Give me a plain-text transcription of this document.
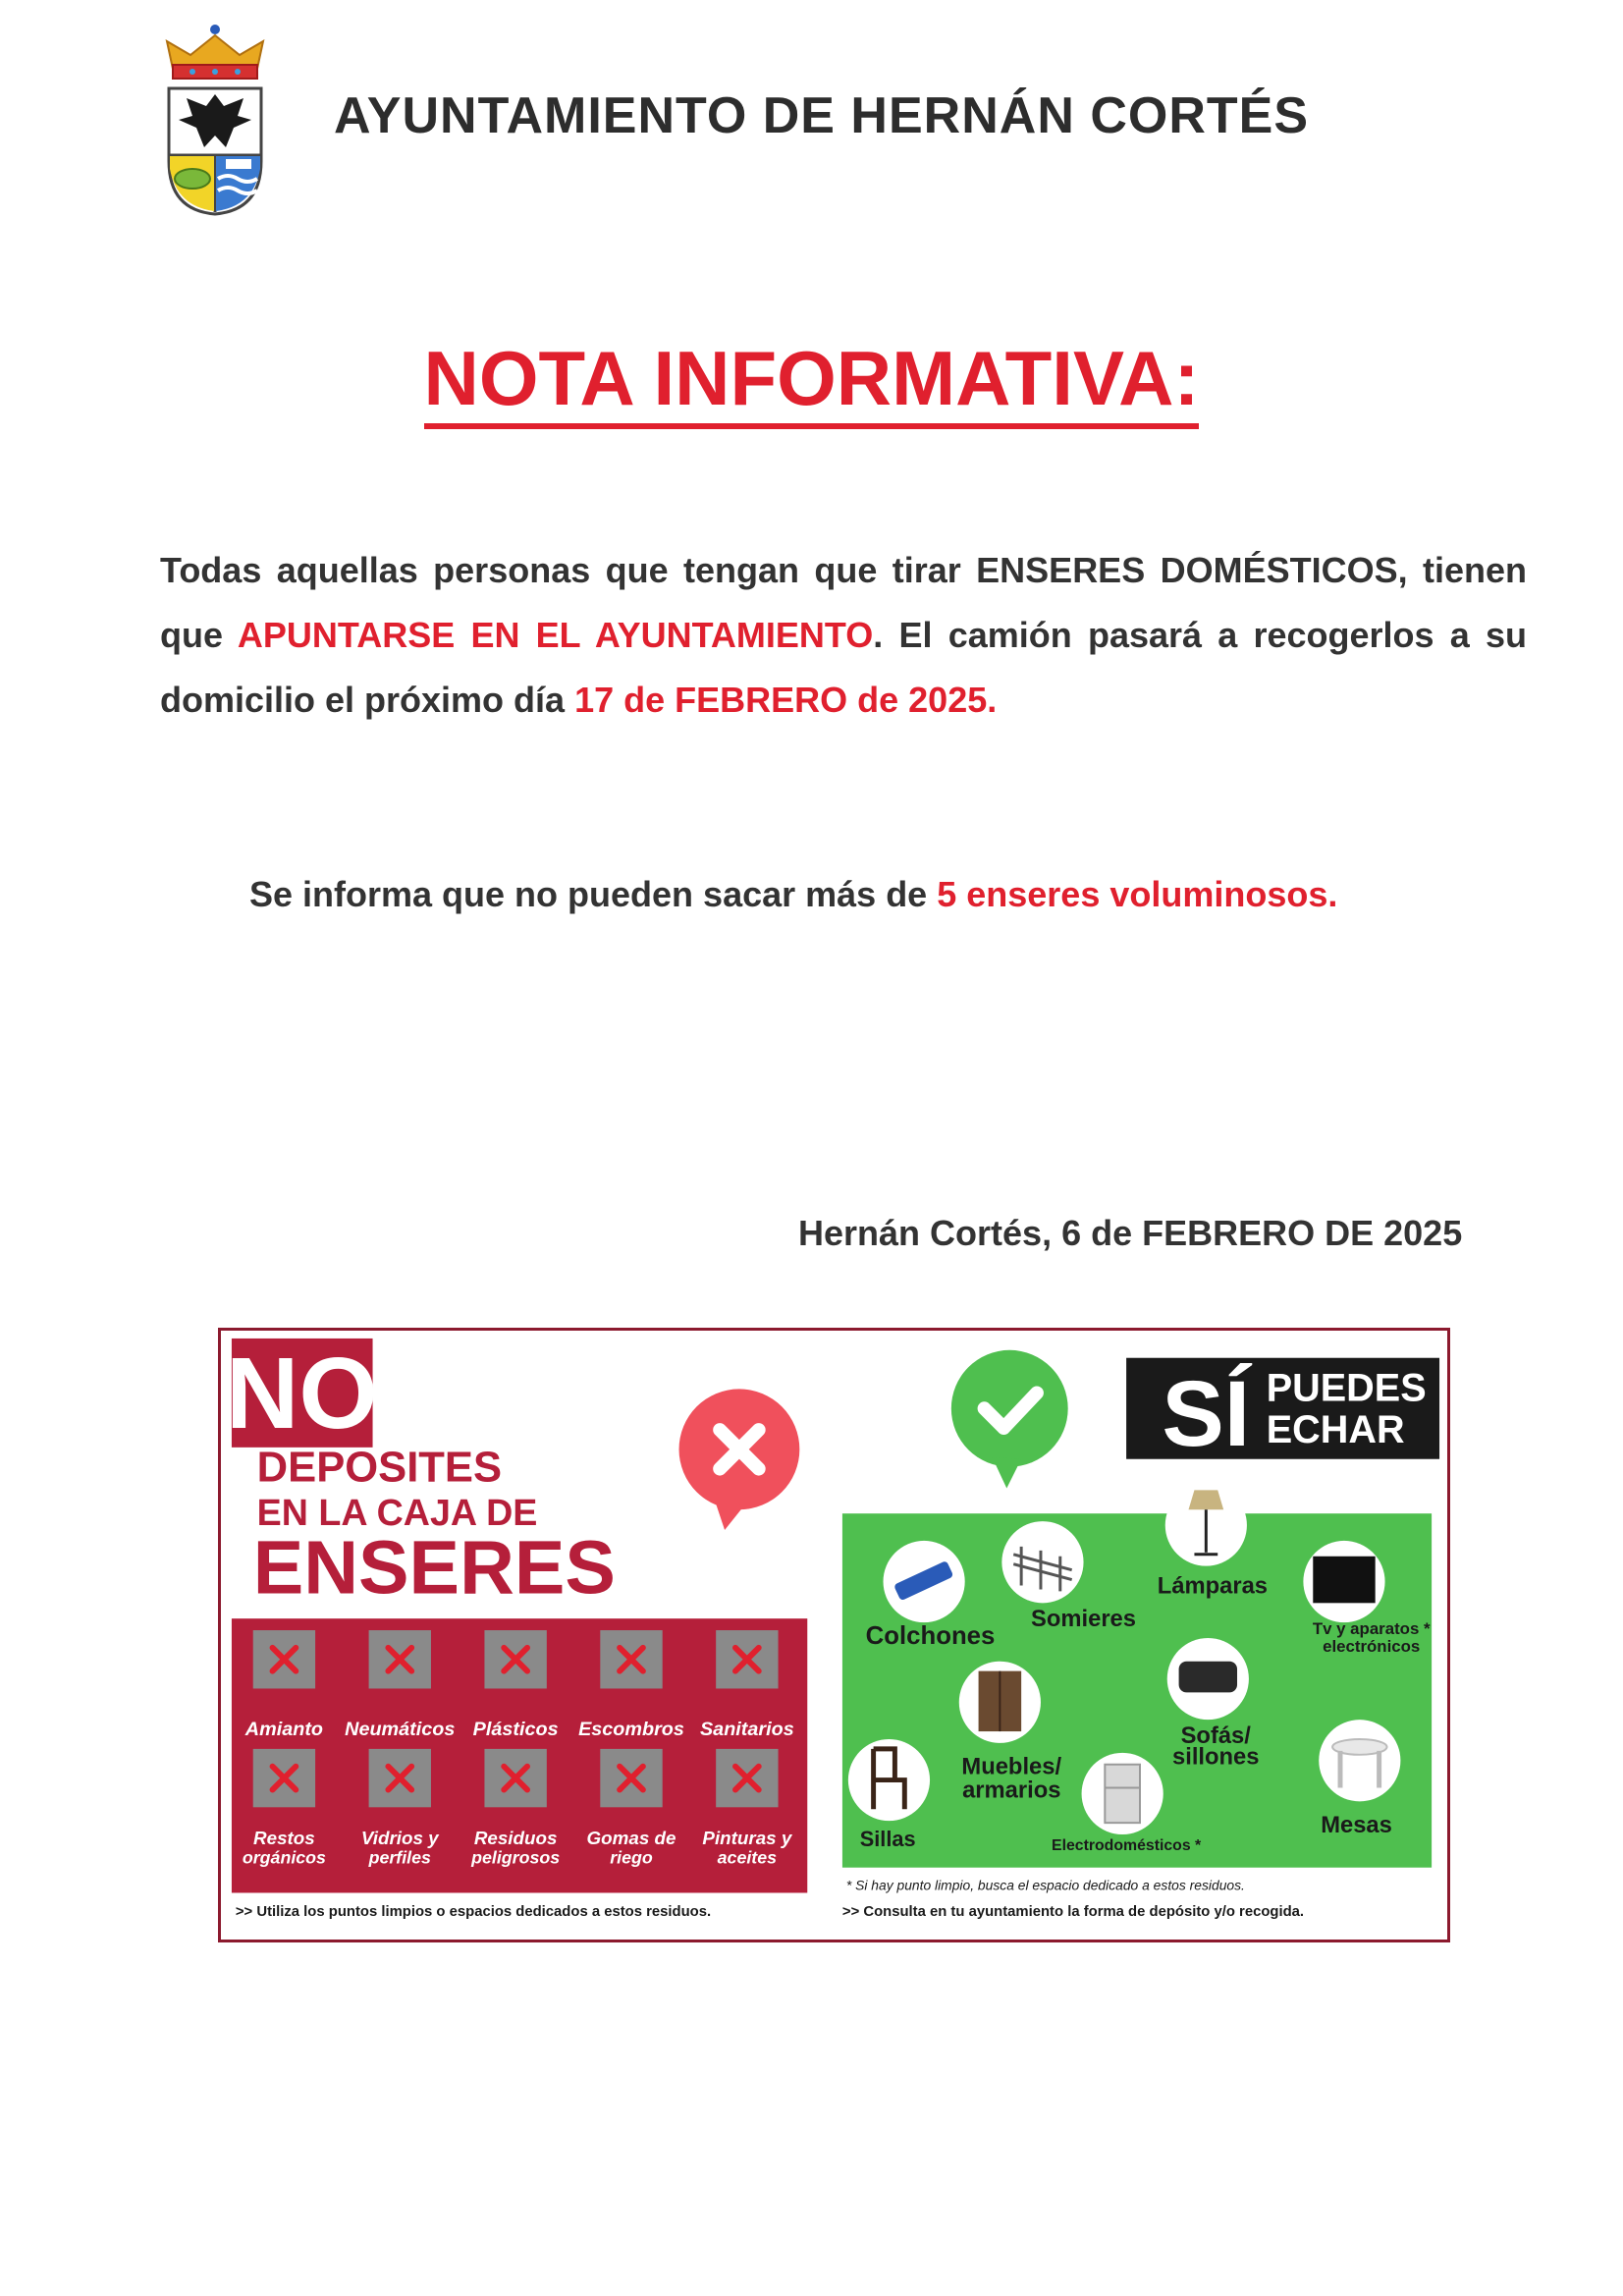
AYUNTAMIENTO DE HERNÁN CORTÉS
NOTA INFORMATIVA:
Todas aquellas personas que tengan que tirar ENSERES DOMÉSTICOS, tienen que APUNTARSE EN EL AYUNTAMIENTO. El camión pasará a recogerlos a su domicilio el próximo día 17 de FEBRERO de 2025.
Se informa que no pueden sacar más de 5 enseres voluminosos.
Hernán Cortés, 6 de FEBRERO DE 2025
NO
DEPOSITES
EN LA CAJA DE
ENSERES
Amianto Neumáticos Plásticos Escombros Sanitarios
Restos
orgánicos
Vidrios y
perfiles
Residuos
peligrosos
Gomas de
riego
Pinturas y
aceites
>> Utiliza los puntos limpios o espacios dedicados a estos residuos.
SÍ PUEDES
ECHAR
Colchones
Somieres
Lámparas
Tv y aparatos *
electrónicos
Muebles/
armarios
Sofás/
sillones
Sillas	Electrodomésticos *
Mesas
* Si hay punto limpio, busca el espacio dedicado a estos residuos.
>> Consulta en tu ayuntamiento la forma de depósito y/o recogida.
